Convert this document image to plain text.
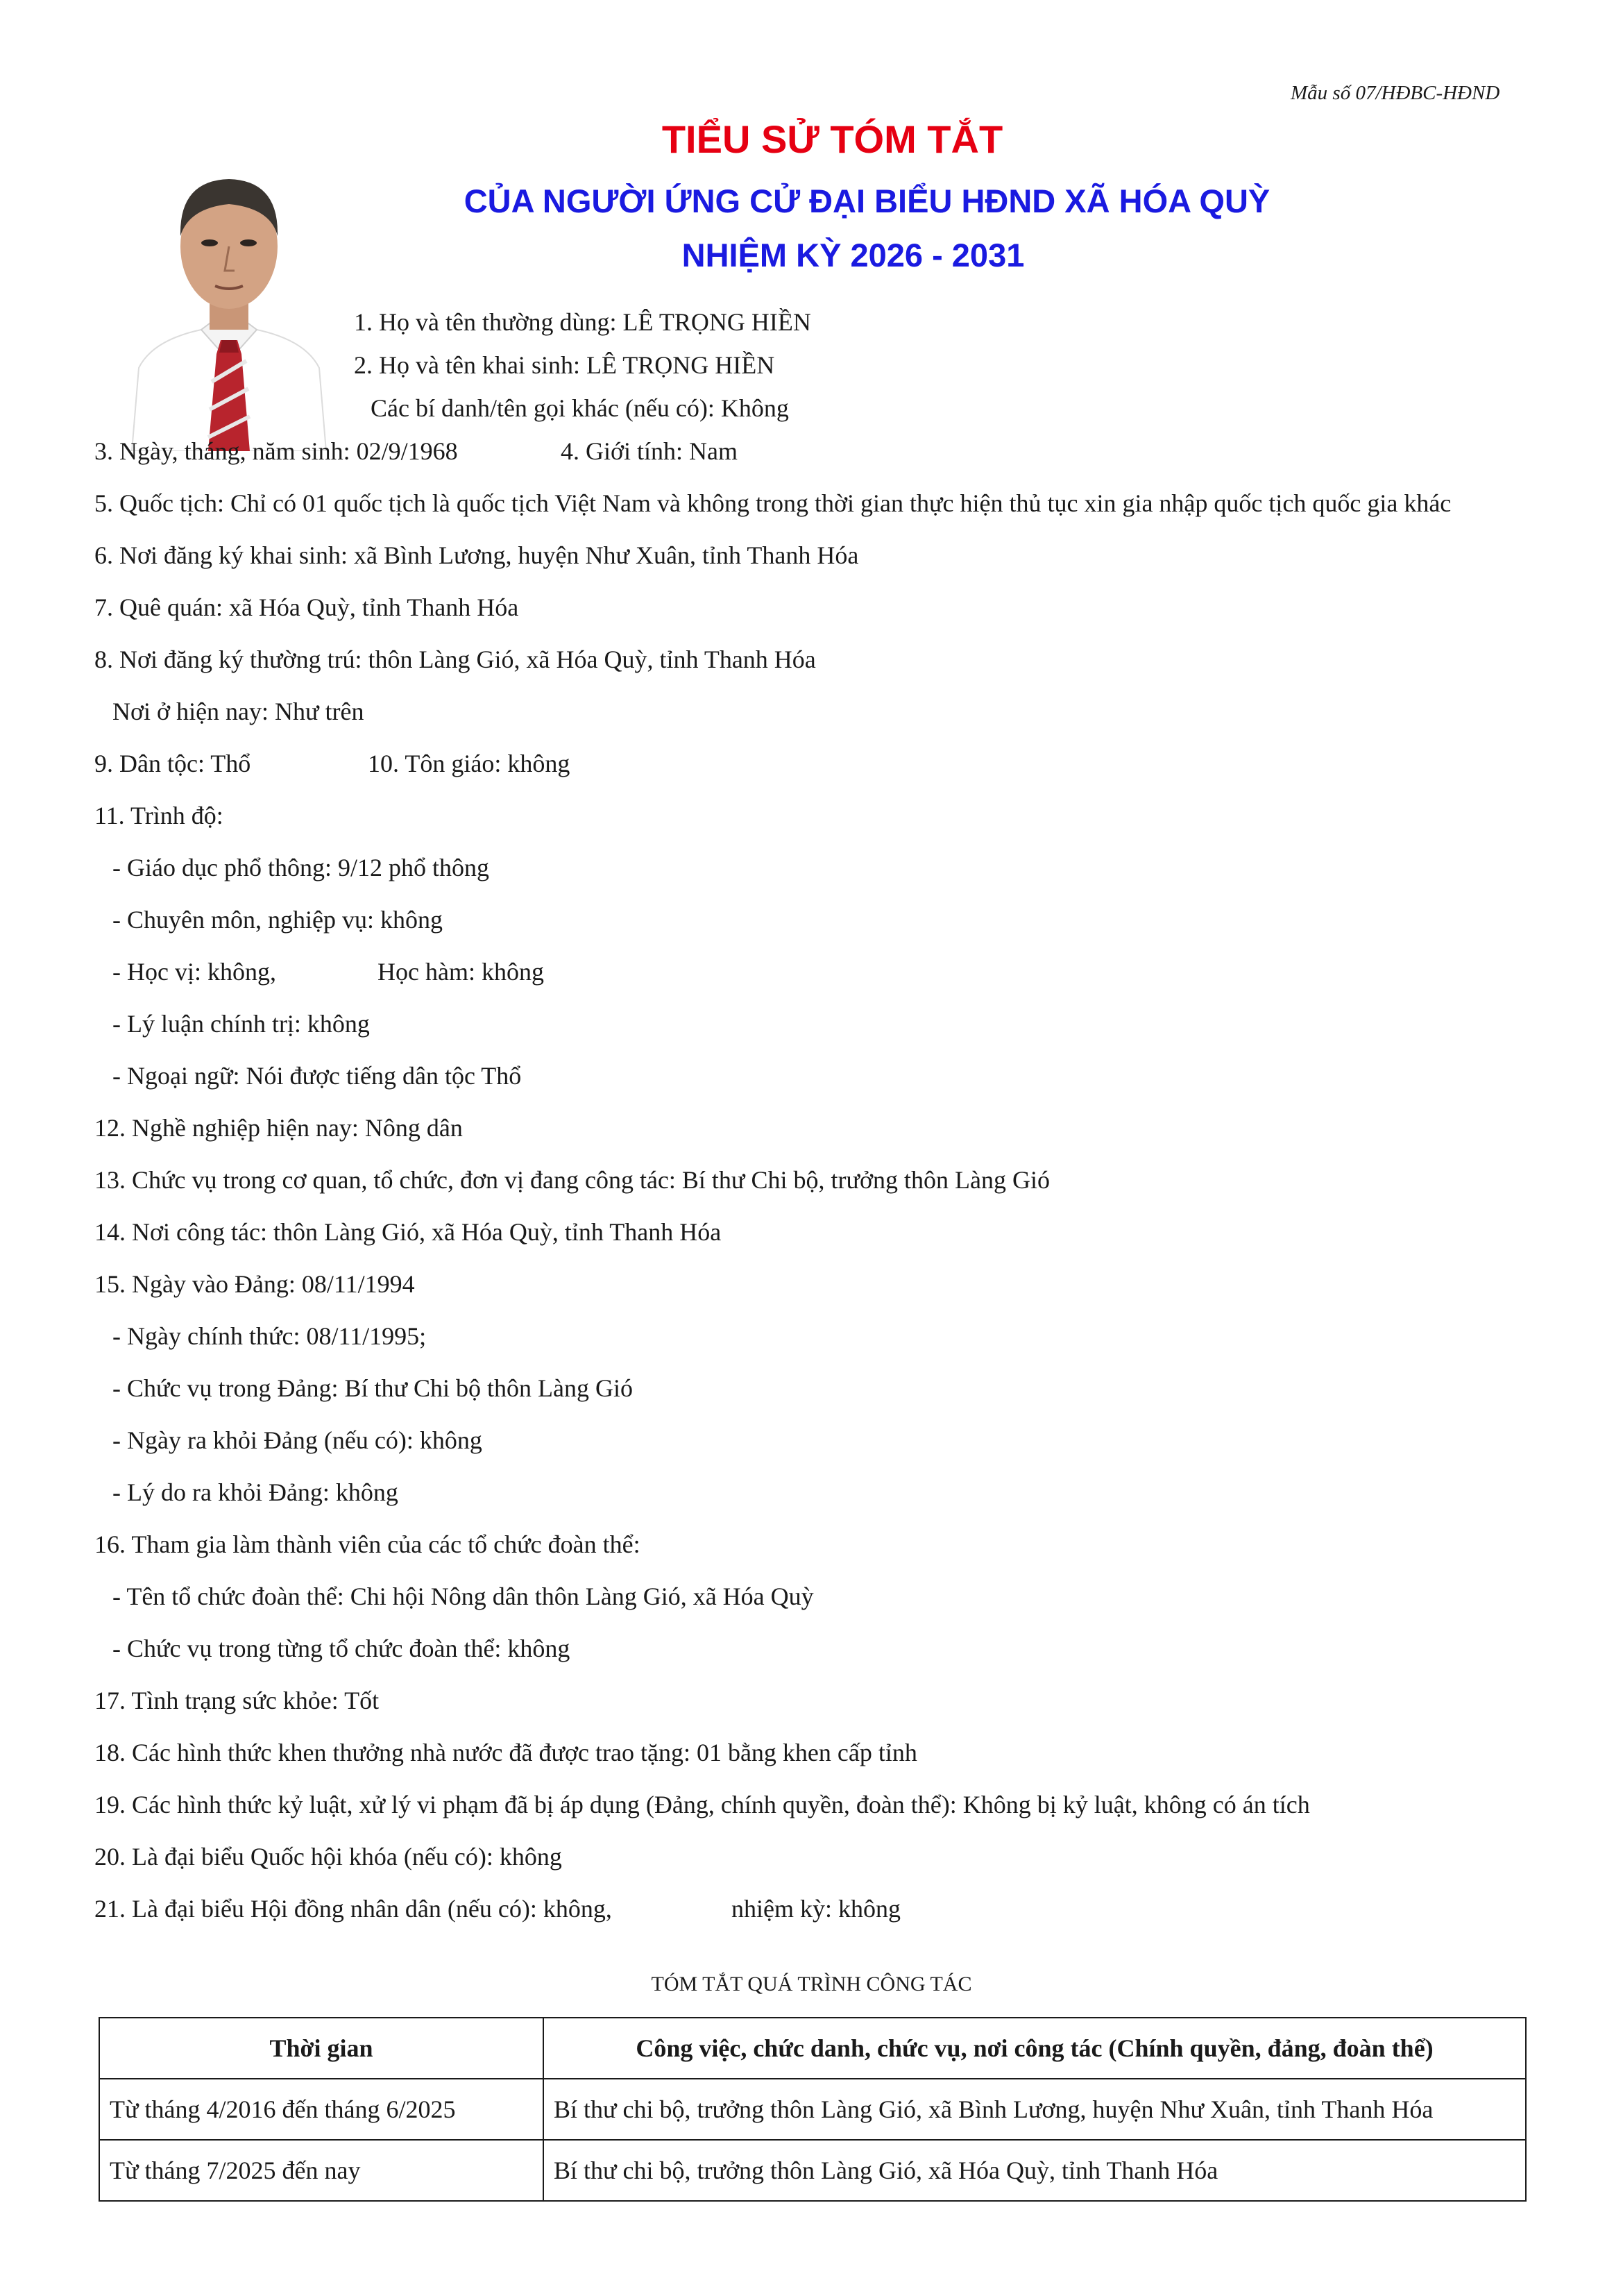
Mẫu số 07/HĐBC-HĐND
TIỂU SỬ TÓM TẮT
CỦA NGƯỜI ỨNG CỬ ĐẠI BIỂU HĐND XÃ HÓA QUỲ
NHIỆM KỲ 2026 - 2031
1. Họ và tên thường dùng: LÊ TRỌNG HIỀN
2. Họ và tên khai sinh: LÊ TRỌNG HIỀN
Các bí danh/tên gọi khác (nếu có): Không
3. Ngày, tháng, năm sinh: 02/9/1968	4. Giới tính: Nam
5. Quốc tịch: Chỉ có 01 quốc tịch là quốc tịch Việt Nam và không trong thời gian thực hiện thủ tục xin gia nhập quốc tịch quốc gia khác
6. Nơi đăng ký khai sinh: xã Bình Lương, huyện Như Xuân, tỉnh Thanh Hóa
7. Quê quán: xã Hóa Quỳ, tỉnh Thanh Hóa
8. Nơi đăng ký thường trú: thôn Làng Gió, xã Hóa Quỳ, tỉnh Thanh Hóa
Nơi ở hiện nay: Như trên
9. Dân tộc: Thổ	10. Tôn giáo: không
11. Trình độ:
- Giáo dục phổ thông: 9/12 phổ thông
- Chuyên môn, nghiệp vụ: không
- Học vị: không,	Học hàm: không
- Lý luận chính trị: không
- Ngoại ngữ: Nói được tiếng dân tộc Thổ
12. Nghề nghiệp hiện nay: Nông dân
13. Chức vụ trong cơ quan, tổ chức, đơn vị đang công tác: Bí thư Chi bộ, trưởng thôn Làng Gió
14. Nơi công tác: thôn Làng Gió, xã Hóa Quỳ, tỉnh Thanh Hóa
15. Ngày vào Đảng: 08/11/1994
- Ngày chính thức: 08/11/1995;
- Chức vụ trong Đảng: Bí thư Chi bộ thôn Làng Gió
- Ngày ra khỏi Đảng (nếu có): không
- Lý do ra khỏi Đảng: không
16. Tham gia làm thành viên của các tổ chức đoàn thể:
- Tên tổ chức đoàn thể: Chi hội Nông dân thôn Làng Gió, xã Hóa Quỳ
- Chức vụ trong từng tổ chức đoàn thể: không
17. Tình trạng sức khỏe: Tốt
18. Các hình thức khen thưởng nhà nước đã được trao tặng: 01 bằng khen cấp tỉnh
19. Các hình thức kỷ luật, xử lý vi phạm đã bị áp dụng (Đảng, chính quyền, đoàn thể): Không bị kỷ luật, không có án tích
20. Là đại biểu Quốc hội khóa (nếu có): không
21. Là đại biểu Hội đồng nhân dân (nếu có): không,	nhiệm kỳ: không
TÓM TẮT QUÁ TRÌNH CÔNG TÁC
Thời gian	Công việc, chức danh, chức vụ, nơi công tác (Chính quyền, đảng, đoàn thể)
Từ tháng 4/2016 đến tháng 6/2025	Bí thư chi bộ, trưởng thôn Làng Gió, xã Bình Lương, huyện Như Xuân, tỉnh Thanh Hóa
Từ tháng 7/2025 đến nay	Bí thư chi bộ, trưởng thôn Làng Gió, xã Hóa Quỳ, tỉnh Thanh Hóa
